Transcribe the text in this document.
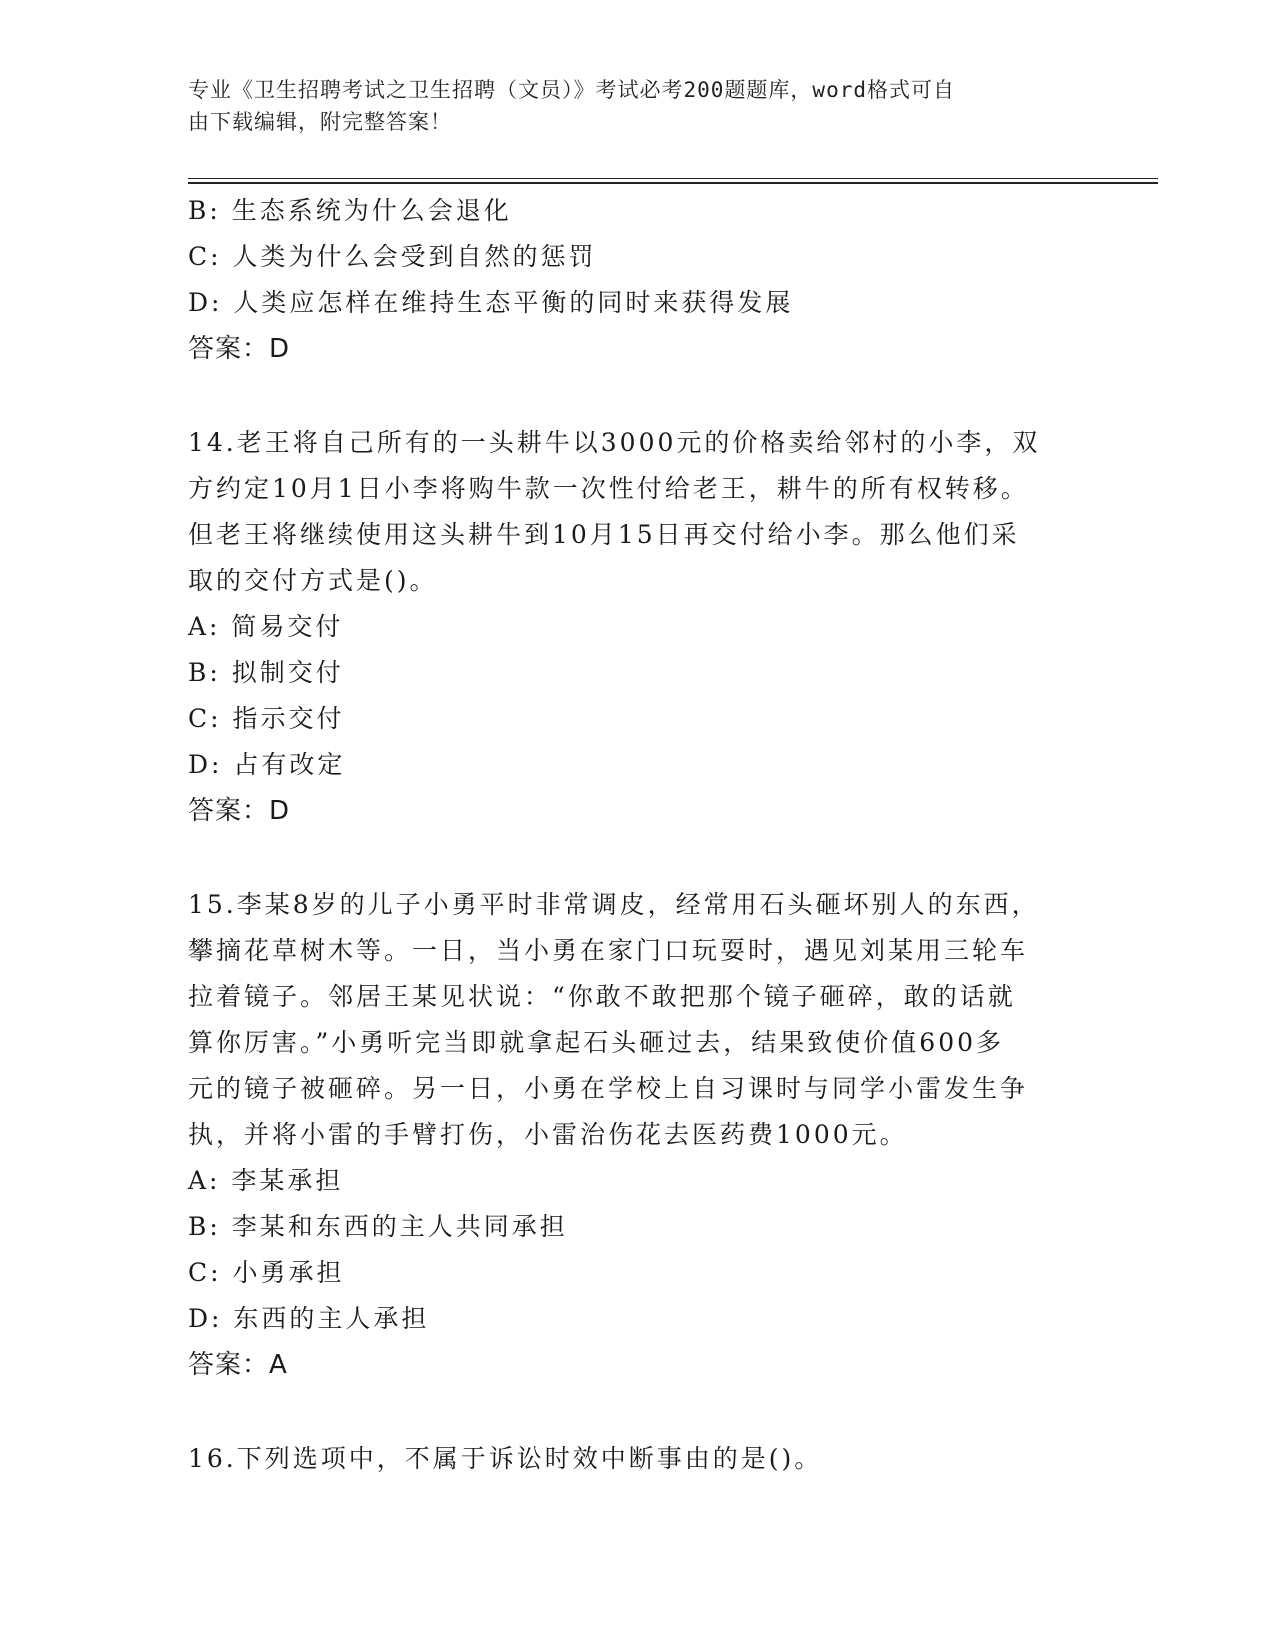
专业《卫生招聘考试之卫生招聘（文员）》考试必考200题题库，word格式可自
由下载编辑，附完整答案！
B: 生态系统为什么会退化
C: 人类为什么会受到自然的惩罚
D: 人类应怎样在维持生态平衡的同时来获得发展
答案：D
14.老王将自己所有的一头耕牛以3000元的价格卖给邻村的小李，双
方约定10月1日小李将购牛款一次性付给老王，耕牛的所有权转移。
但老王将继续使用这头耕牛到10月15日再交付给小李。那么他们采
取的交付方式是()。
A: 简易交付
B: 拟制交付
C: 指示交付
D: 占有改定
答案：D
15.李某8岁的儿子小勇平时非常调皮，经常用石头砸坏别人的东西，
攀摘花草树木等。一日，当小勇在家门口玩耍时，遇见刘某用三轮车
拉着镜子。邻居王某见状说：“你敢不敢把那个镜子砸碎，敢的话就
算你厉害。”小勇听完当即就拿起石头砸过去，结果致使价值600多
元的镜子被砸碎。另一日，小勇在学校上自习课时与同学小雷发生争
执，并将小雷的手臂打伤，小雷治伤花去医药费1000元。
A: 李某承担
B: 李某和东西的主人共同承担
C: 小勇承担
D: 东西的主人承担
答案：A
16.下列选项中，不属于诉讼时效中断事由的是()。
